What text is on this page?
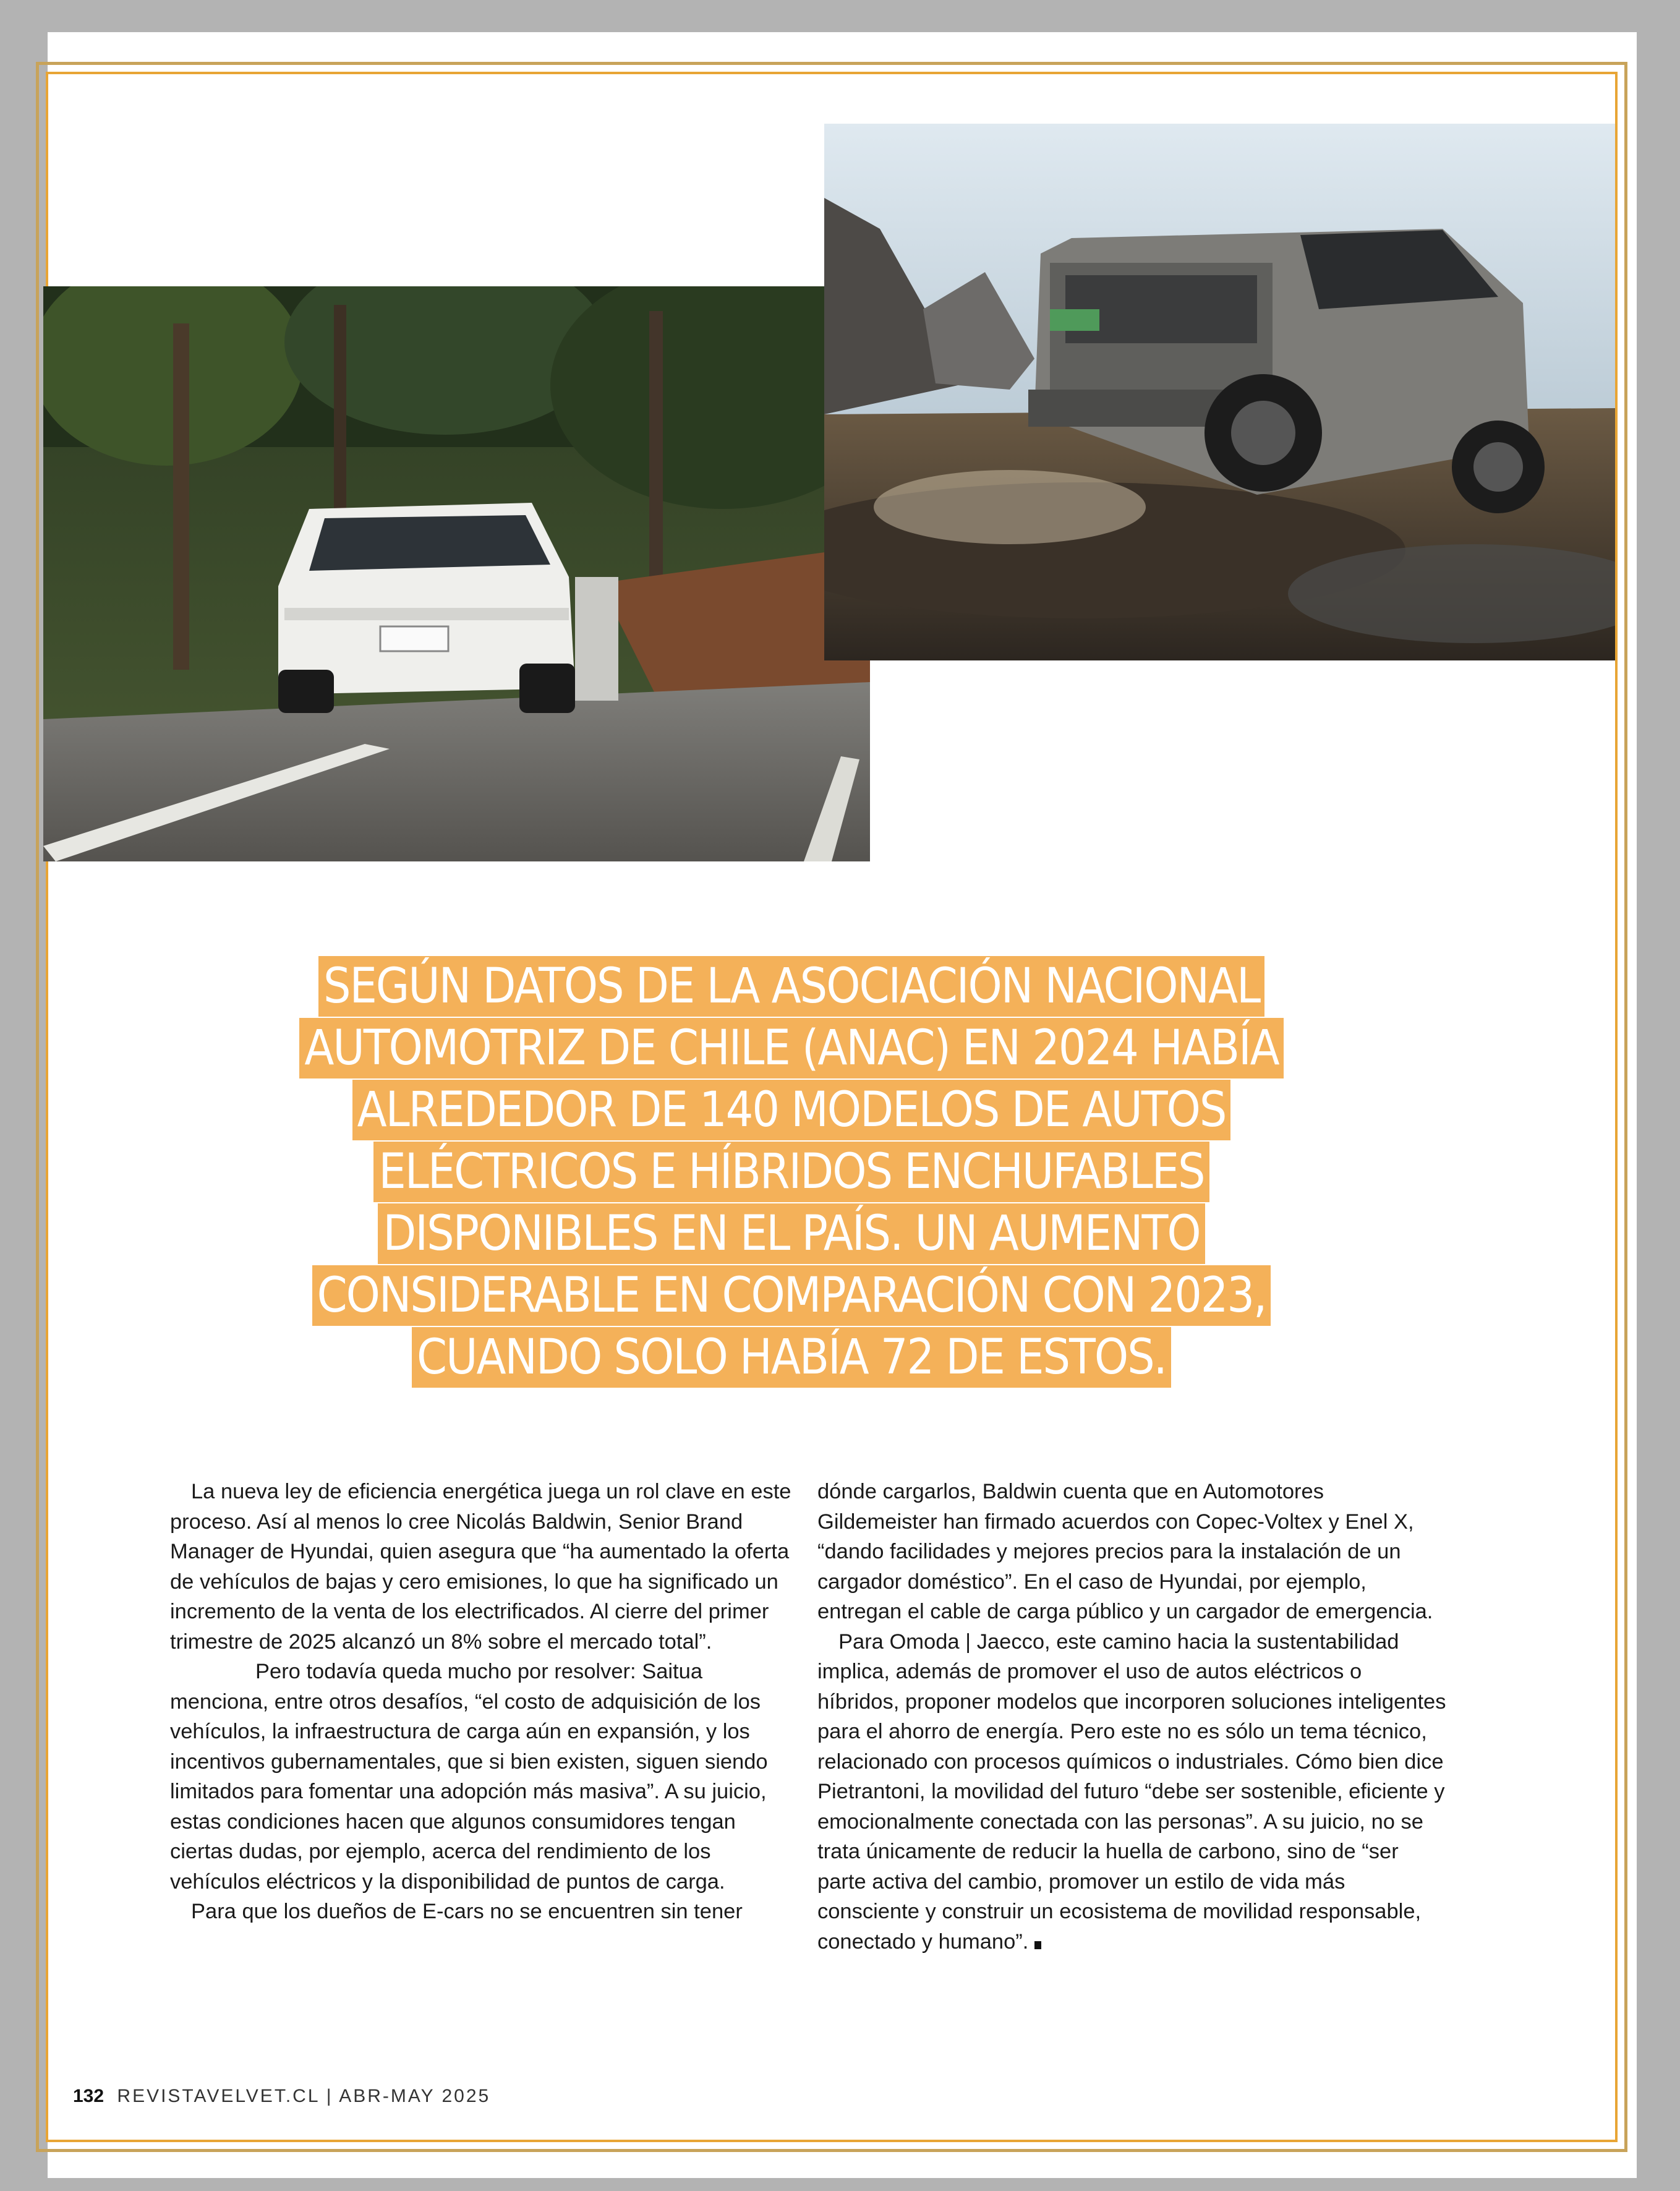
SEGÚN DATOS DE LA ASOCIACIÓN NACIONAL AUTOMOTRIZ DE CHILE (ANAC) EN 2024 HABÍA ALREDEDOR DE 140 MODELOS DE AUTOS ELÉCTRICOS E HÍBRIDOS ENCHUFABLES DISPONIBLES EN EL PAÍS. UN AUMENTO CONSIDERABLE EN COMPARACIÓN CON 2023, CUANDO SOLO HABÍA 72 DE ESTOS.

La nueva ley de eficiencia energética juega un rol clave en este proceso. Así al menos lo cree Nicolás Baldwin, Senior Brand Manager de Hyundai, quien asegura que “ha aumentado la oferta de vehículos de bajas y cero emisiones, lo que ha significado un incremento de la venta de los electrificados. Al cierre del primer trimestre de 2025 alcanzó un 8% sobre el mercado total”.

Pero todavía queda mucho por resolver: Saitua menciona, entre otros desafíos, “el costo de adquisición de los vehículos, la infraestructura de carga aún en expansión, y los incentivos gubernamentales, que si bien existen, siguen siendo limitados para fomentar una adopción más masiva”. A su juicio, estas condiciones hacen que algunos consumidores tengan ciertas dudas, por ejemplo, acerca del rendimiento de los vehículos eléctricos y la disponibilidad de puntos de carga.

Para que los dueños de E-cars no se encuentren sin tener

dónde cargarlos, Baldwin cuenta que en Automotores Gildemeister han firmado acuerdos con Copec-Voltex y Enel X, “dando facilidades y mejores precios para la instalación de un cargador doméstico”. En el caso de Hyundai, por ejemplo, entregan el cable de carga público y un cargador de emergencia.

Para Omoda | Jaecco, este camino hacia la sustentabilidad implica, además de promover el uso de autos eléctricos o híbridos, proponer modelos que incorporen soluciones inteligentes para el ahorro de energía. Pero este no es sólo un tema técnico, relacionado con procesos químicos o industriales. Cómo bien dice Pietrantoni, la movilidad del futuro “debe ser sostenible, eficiente y emocionalmente conectada con las personas”. A su juicio, no se trata únicamente de reducir la huella de carbono, sino de “ser parte activa del cambio, promover un estilo de vida más consciente y construir un ecosistema de movilidad responsable, conectado y humano”.

132 REVISTAVELVET.CL | ABR-MAY 2025
